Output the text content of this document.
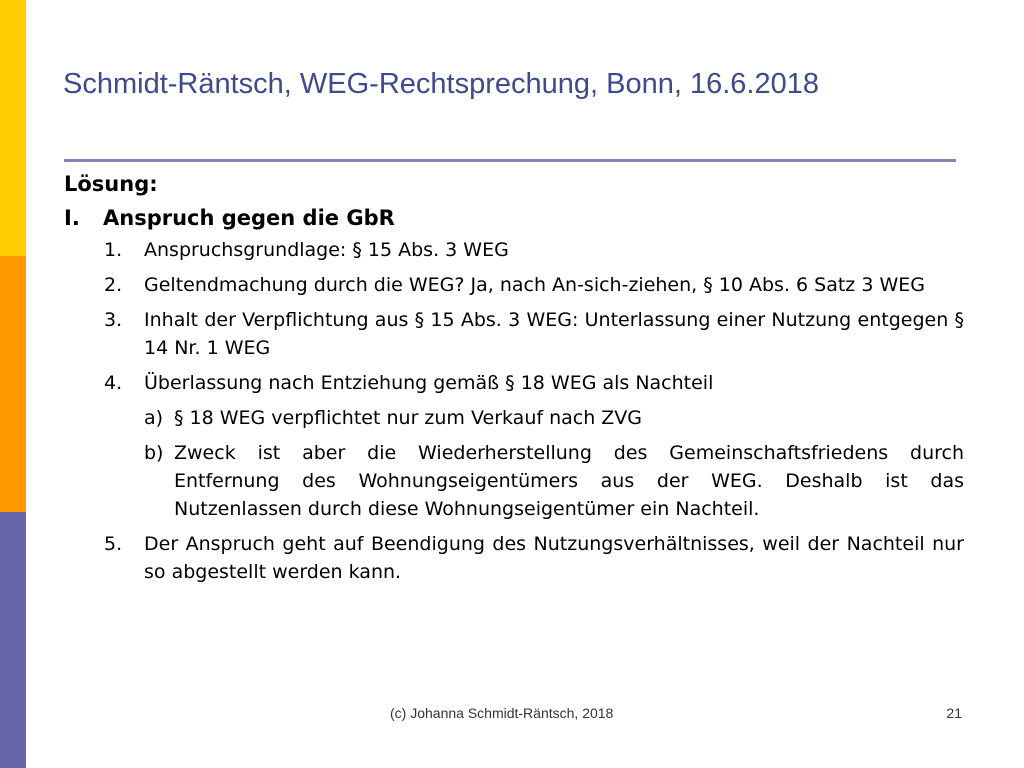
Schmidt-Räntsch, WEG-Rechtsprechung, Bonn, 16.6.2018
Lösung:
I.	Anspruch gegen die GbR
1.	Anspruchsgrundlage: § 15 Abs. 3 WEG
2.	Geltendmachung durch die WEG? Ja, nach An-sich-ziehen, § 10 Abs. 6 Satz 3 WEG
3.	Inhalt der Verpflichtung aus § 15 Abs. 3 WEG: Unterlassung einer Nutzung entgegen § 14 Nr. 1 WEG
4.	Überlassung nach Entziehung gemäß § 18 WEG als Nachteil
a) § 18 WEG verpflichtet nur zum Verkauf nach ZVG
b) Zweck ist aber die Wiederherstellung des Gemeinschaftsfriedens durch Entfernung des Wohnungseigentümers aus der WEG. Deshalb ist das Nutzenlassen durch diese Wohnungseigentümer ein Nachteil.
5.	Der Anspruch geht auf Beendigung des Nutzungsverhältnisses, weil der Nachteil nur so abgestellt werden kann.
(c) Johanna Schmidt-Räntsch, 2018	21
